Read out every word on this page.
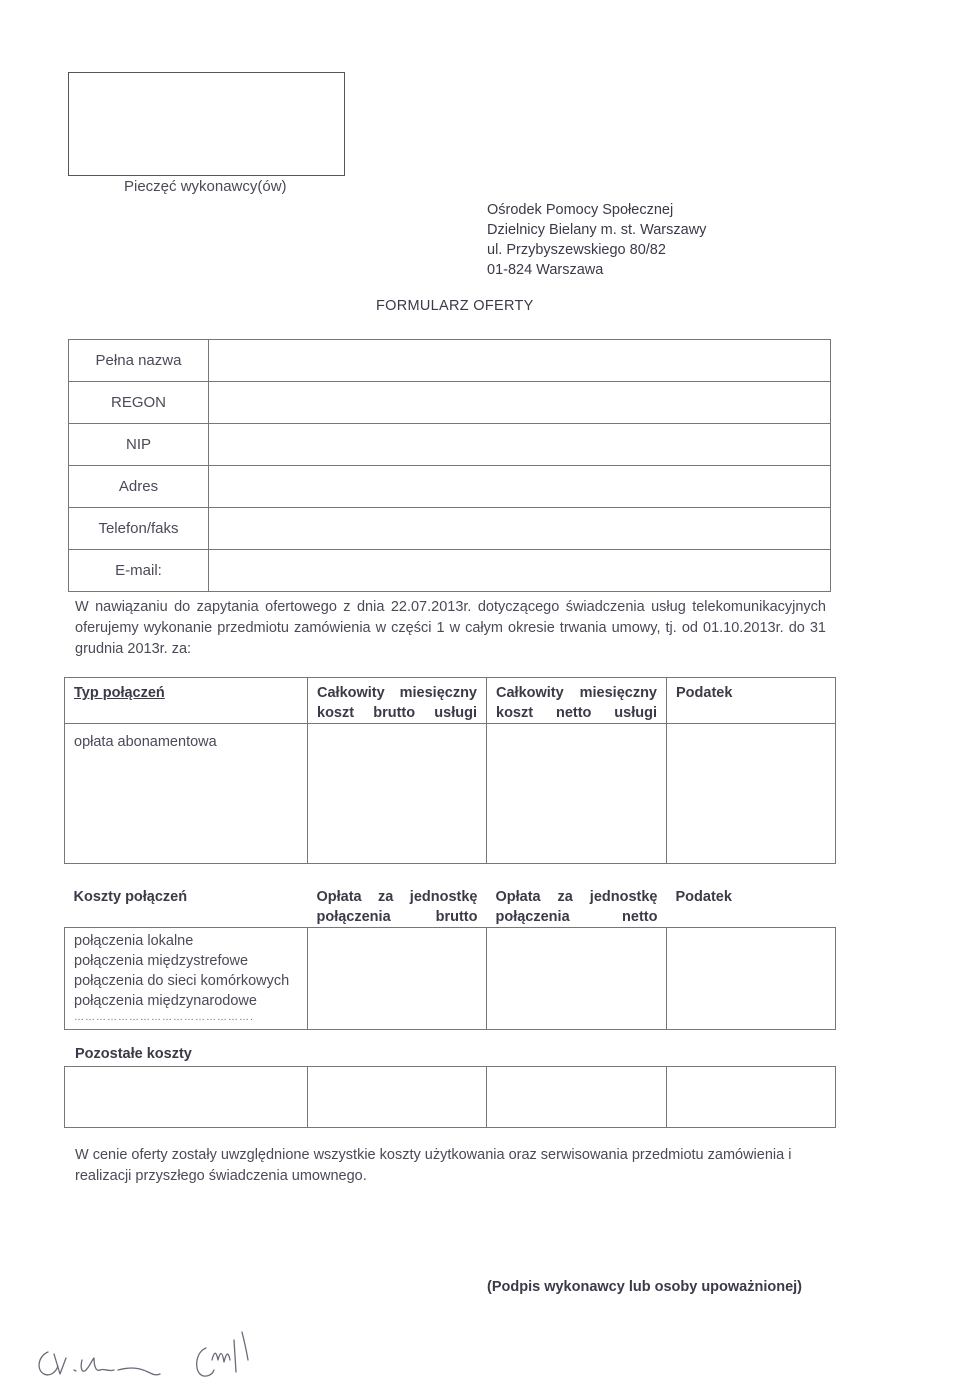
Pieczęć wykonawcy(ów)
Ośrodek Pomocy Społecznej
Dzielnicy Bielany m. st. Warszawy
ul. Przybyszewskiego 80/82
01-824 Warszawa
FORMULARZ OFERTY
Pełna nazwa	
REGON	
NIP	
Adres	
Telefon/faks	
E-mail:	
W nawiązaniu do zapytania ofertowego z dnia 22.07.2013r. dotyczącego świadczenia usług telekomunikacyjnych oferujemy wykonanie przedmiotu zamówienia w części 1 w całym okresie trwania umowy, tj. od 01.10.2013r. do 31 grudnia 2013r. za:
Typ połączeń	Całkowity miesięczny koszt brutto usługi	Całkowity miesięczny koszt netto usługi	Podatek
opłata abonamentowa			
Koszty połączeń	Opłata za jednostkę połączenia brutto	Opłata za jednostkę połączenia netto	Podatek

połączenia lokalne
połączenia międzystrefowe
połączenia do sieci komórkowych
połączenia międzynarodowe
………………………………………….			

Pozostałe koszty

W cenie oferty zostały uwzględnione wszystkie koszty użytkowania oraz serwisowania przedmiotu zamówienia i realizacji przyszłego świadczenia umownego.
(Podpis wykonawcy lub osoby upoważnionej)
